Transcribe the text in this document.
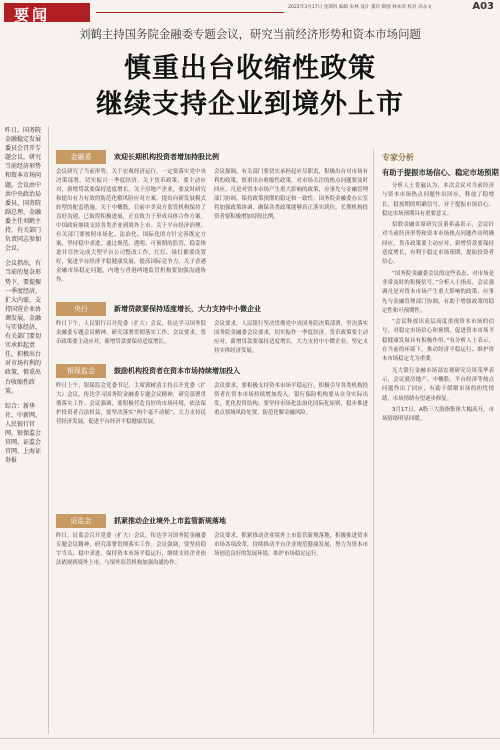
要闻	2022年3月17日 星期四 编辑 朱林 设计 董玲 制图 林本荣 校对 高永文	A03
刘鹤主持国务院金融委专题会议，研究当前经济形势和资本市场问题
慎重出台收缩性政策
继续支持企业到境外上市

昨日，国务院金融稳定发展委员会召开专题会议，研究当前经济形势和资本市场问题。会议由中共中央政治局委员、国务院副总理、金融委主任刘鹤主持，有关部门负责同志参加会议。

会议指出，有当前的复杂形势下，要提振一季度经济，扩大内需，支持国营企业协调发展，金融与实体经济，有关部门要切实承担起责任，积极出台对市场有利的政策，慎重出台收缩性政策。

综合：新华社、中新网、人民银行官网、银保监会官网、证监会官网、上海证券报

金融委	欢迎长期机构投资者增加持股比例
会议研究了当前形势，关于宏观经济运行，一定要落实党中央决策部署，切实振兴一季度经济。关于货币政策，要主动应对，新增贷款要保持适度增长。关于房地产企业，要及时研究和提出有力有效的防范化解风险应对方案，提出向新发展模式转型的配套措施。关于中概股，目前中美双方监管机构保持了良好沟通，已取得积极进展，正在致力于形成具体合作方案。中国政府继续支持各类企业到境外上市。关于平台经济治理，有关部门要按照市场化、法治化、国际化的方针完善既定方案，坚持稳中求进，通过规范、透明、可预期的监管，稳妥推进并尽快完成大型平台公司整改工作，红灯、绿灯都要设置好，促进平台经济平稳健康发展，提高国际竞争力。关于香港金融市场稳定问题，内地与香港两地监管机构要加强沟通协作。
会议强调，有关部门要切实承担起应尽职责，积极出台对市场有利的政策，慎重出台收缩性政策，对市场关注的热点问题要及时回应。凡是对资本市场产生重大影响的政策，应事先与金融管理部门协调，保持政策预期的稳定和一致性。国务院金融委办公室将加强政策协调，确保各类政策能够真正落实到位。长期机构投资者要积极增加持股比例。
央行	新增贷款要保持适度增长，大力支持中小微企业
昨日下午，人民银行召开党委（扩大）会议，传达学习国务院金融委专题会议精神，研究部署贯彻落实工作。会议要求，货币政策要主动应对，新增贷款要保持适度增长。
会议要求，人民银行坚决贯彻党中央国务院决策部署，坚决落实国务院金融委会议要求，切实振作一季度经济，货币政策要主动应对，新增贷款要保持适度增长，大力支持中小微企业，坚定支持实体经济发展。
银保监会	鼓励机构投资者在资本市场持续增加投入
昨日上午，银保监会党委书记、主席郭树清主持召开党委（扩大）会议，传达学习国务院金融委专题会议精神，研究部署贯彻落实工作。会议强调，要积极营造良好的市场环境，依法保护投资者合法权益，要坚决落实“两个毫不动摇”，大力支持民营经济发展，促进平台经济平稳健康发展。
会议要求，要积极支持资本市场平稳运行，积极引导各类机构投资者在资本市场持续增加投入。银行保险机构要从自身实际出发，优化投资结构。要坚持市场化法治化国际化原则，稳步推进重点领域风险处置，防范化解金融风险。
证监会	抓紧推动企业境外上市监管新规落地
昨日，证监会召开党委（扩大）会议，传达学习国务院金融委专题会议精神，研究部署贯彻落实工作。会议强调，要坚持稳字当头、稳中求进，保持资本市场平稳运行，继续支持企业依法依规到境外上市，与境外监管机构加强沟通协作。
会议要求，抓紧推动企业境外上市监管新规落地，积极推进资本市场各项改革，持续推动平台企业规范健康发展，努力为资本市场创造良好的发展环境，维护市场稳定运行。
专家分析
有助于提振市场信心、稳定市场预期

分析人士普遍认为，本次会议对当前经济与资本市场热点问题作出回应，释放了稳增长、稳预期的明确信号，对于提振市场信心、稳定市场预期具有重要意义。

招联金融首席研究员董希淼表示，会议针对当前经济形势和资本市场热点问题作出明确回应，货币政策要主动应对，新增贷款要保持适度增长，有利于稳定市场预期、提振投资者信心。

“国务院金融委会议的这些表态，对市场是非常及时的积极信号。”分析人士指出，会议强调凡是对资本市场产生重大影响的政策，应事先与金融管理部门协调，有助于增强政策的稳定性和可预期性。

“会议释放出高层高度重视资本市场的信号，对稳定市场信心和预期、促进资本市场平稳健康发展具有积极作用。”有分析人士表示，在当前的环境下，推动经济平稳运行、维护资本市场稳定尤为重要。

光大银行金融市场部宏观研究员周茂华表示，会议就房地产、中概股、平台经济等热点问题作出了回应，有助于缓解市场的担忧情绪，市场情绪有望逐步修复。

3月17日，A股三大股指集体大幅高开，市场情绪明显回暖。
